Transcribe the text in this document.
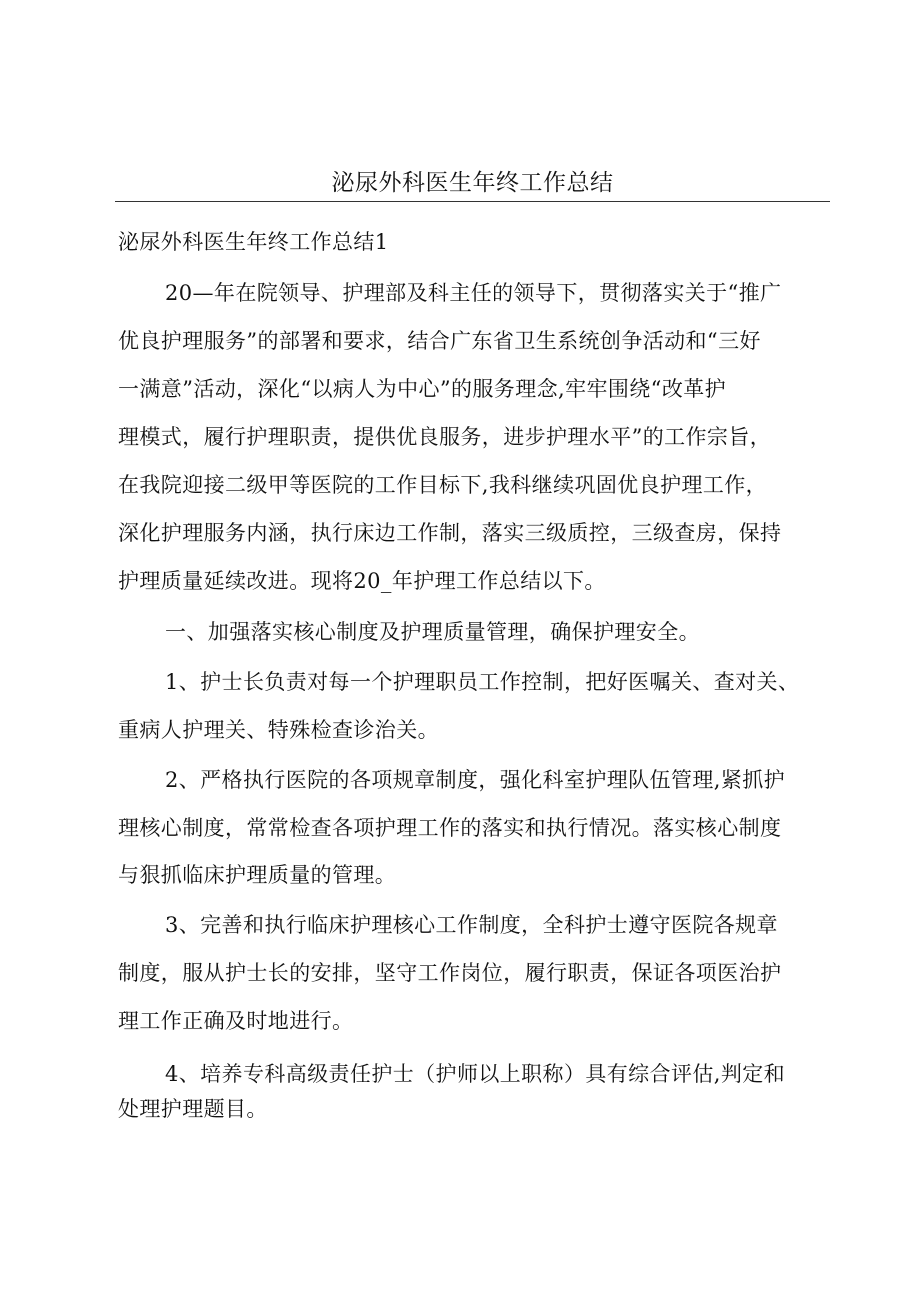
泌尿外科医生年终工作总结
泌尿外科医生年终工作总结1
20—年在院领导、护理部及科主任的领导下，贯彻落实关于“推广
优良护理服务”的部署和要求，结合广东省卫生系统创争活动和“三好
一满意”活动，深化“以病人为中心”的服务理念,牢牢围绕“改革护
理模式，履行护理职责，提供优良服务，进步护理水平”的工作宗旨，
在我院迎接二级甲等医院的工作目标下,我科继续巩固优良护理工作，
深化护理服务内涵，执行床边工作制，落实三级质控，三级查房，保持
护理质量延续改进。现将20_年护理工作总结以下。
一、加强落实核心制度及护理质量管理，确保护理安全。
1、护士长负责对每一个护理职员工作控制，把好医嘱关、查对关、
重病人护理关、特殊检查诊治关。
2、严格执行医院的各项规章制度，强化科室护理队伍管理,紧抓护
理核心制度，常常检查各项护理工作的落实和执行情况。落实核心制度
与狠抓临床护理质量的管理。
3、完善和执行临床护理核心工作制度，全科护士遵守医院各规章
制度，服从护士长的安排，坚守工作岗位，履行职责，保证各项医治护
理工作正确及时地进行。
4、培养专科高级责任护士（护师以上职称）具有综合评估,判定和
处理护理题目。
